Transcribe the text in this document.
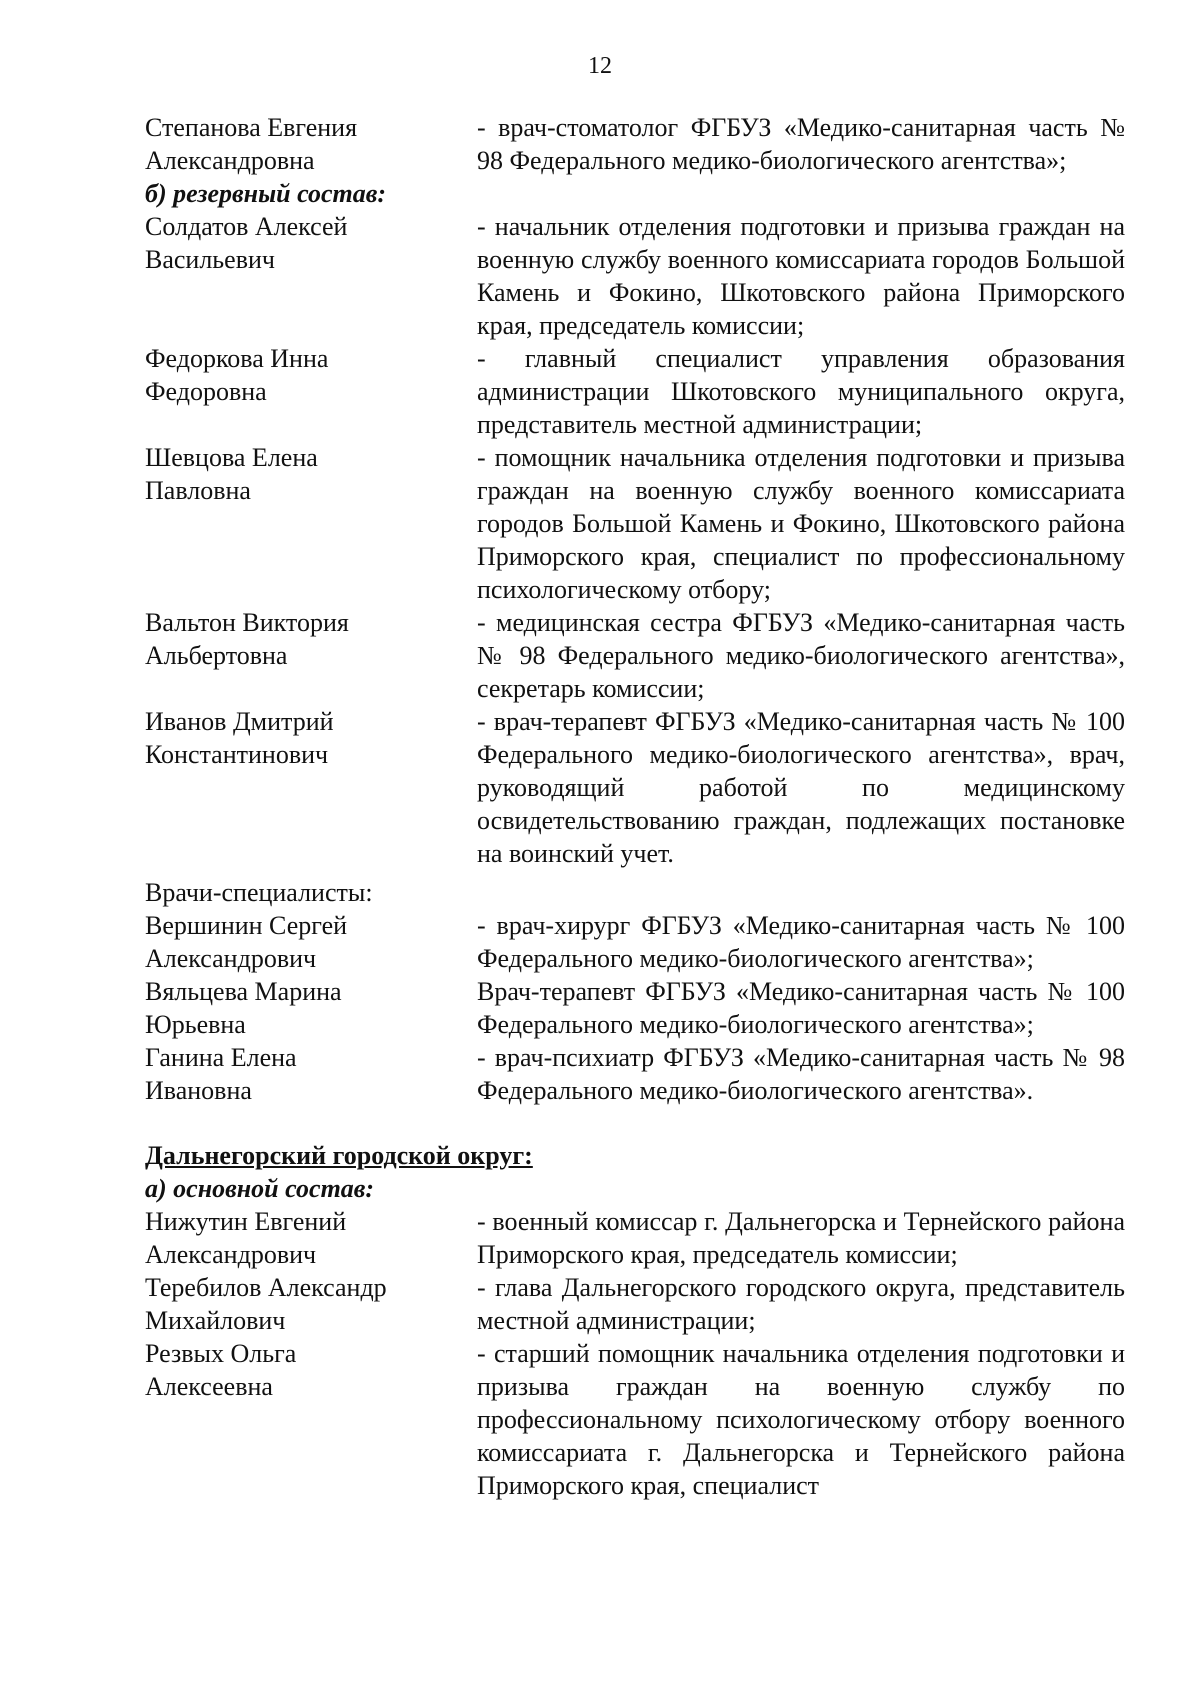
12
Степанова Евгения
Александровна
- врач-стоматолог ФГБУЗ «Медико-санитарная часть № 98 Федерального медико-биологического агентства»;
б) резервный состав:
Солдатов Алексей
Васильевич
- начальник отделения подготовки и призыва граждан на военную службу военного комиссариата городов Большой Камень и Фокино, Шкотовского района Приморского края, председатель комиссии;
Федоркова Инна
Федоровна
- главный специалист управления образования администрации Шкотовского муниципального округа, представитель местной администрации;
Шевцова Елена
Павловна
- помощник начальника отделения подготовки и призыва граждан на военную службу военного комиссариата городов Большой Камень и Фокино, Шкотовского района Приморского края, специалист по профессиональному психологическому отбору;
Вальтон Виктория
Альбертовна
- медицинская сестра ФГБУЗ «Медико-санитарная часть № 98 Федерального медико-биологического агентства», секретарь комиссии;
Иванов Дмитрий
Константинович
- врач-терапевт ФГБУЗ «Медико-санитарная часть № 100 Федерального медико-биологического агентства», врач, руководящий работой по медицинскому освидетельствованию граждан, подлежащих постановке на воинский учет.
Врачи-специалисты:
Вершинин Сергей
Александрович
- врач-хирург ФГБУЗ «Медико-санитарная часть № 100 Федерального медико-биологического агентства»;
Вяльцева Марина
Юрьевна
Врач-терапевт ФГБУЗ «Медико-санитарная часть № 100 Федерального медико-биологического агентства»;
Ганина Елена
Ивановна
- врач-психиатр ФГБУЗ «Медико-санитарная часть № 98 Федерального медико-биологического агентства».
Дальнегорский городской округ:
а) основной состав:
Нижутин Евгений
Александрович
- военный комиссар г. Дальнегорска и Тернейского района Приморского края, председатель комиссии;
Теребилов Александр
Михайлович
- глава Дальнегорского городского округа, представитель местной администрации;
Резвых Ольга
Алексеевна
- старший помощник начальника отделения подготовки и призыва граждан на военную службу по профессиональному психологическому отбору военного комиссариата г. Дальнегорска и Тернейского района Приморского края, специалист
